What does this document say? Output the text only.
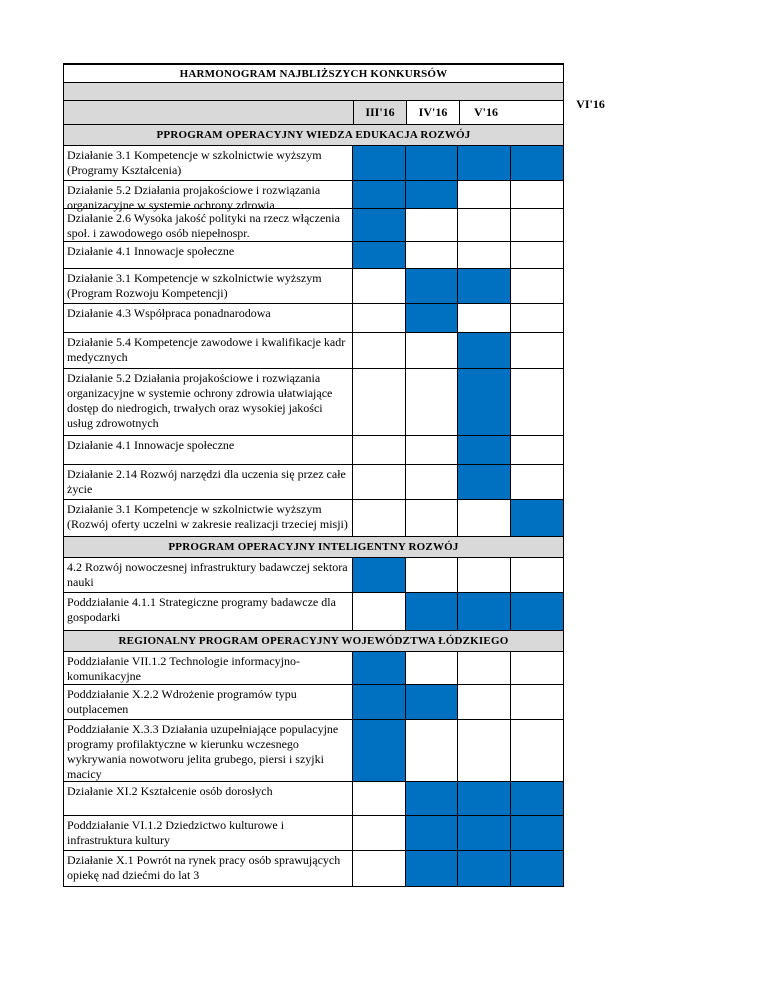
HARMONOGRAM NAJBLIŻSZYCH KONKURSÓW
III'16	IV'16	V'16
PPROGRAM OPERACYJNY WIEDZA EDUKACJA ROZWÓJ
Działanie 3.1 Kompetencje w szkolnictwie wyższym (Programy Kształcenia)
Działanie 5.2 Działania projakościowe i rozwiązania organizacyjne w systemie ochrony zdrowia
Działanie 2.6 Wysoka jakość polityki na rzecz włączenia społ. i zawodowego osób niepełnospr.
Działanie 4.1 Innowacje społeczne
Działanie 3.1 Kompetencje w szkolnictwie wyższym (Program Rozwoju Kompetencji)
Działanie 4.3 Współpraca ponadnarodowa
Działanie 5.4 Kompetencje zawodowe i kwalifikacje kadr medycznych
Działanie 5.2 Działania projakościowe i rozwiązania organizacyjne w systemie ochrony zdrowia ułatwiające dostęp do niedrogich, trwałych oraz wysokiej jakości usług zdrowotnych
Działanie 4.1 Innowacje społeczne
Działanie 2.14 Rozwój narzędzi dla uczenia się przez całe życie
Działanie 3.1 Kompetencje w szkolnictwie wyższym (Rozwój oferty uczelni w zakresie realizacji trzeciej misji)
PPROGRAM OPERACYJNY INTELIGENTNY ROZWÓJ
4.2 Rozwój nowoczesnej infrastruktury badawczej sektora nauki
Poddziałanie 4.1.1 Strategiczne programy badawcze dla gospodarki
REGIONALNY PROGRAM OPERACYJNY WOJEWÓDZTWA ŁÓDZKIEGO
Poddziałanie VII.1.2 Technologie informacyjno-komunikacyjne
Poddziałanie X.2.2 Wdrożenie programów typu outplacemen
Poddziałanie X.3.3 Działania uzupełniające populacyjne programy profilaktyczne w kierunku wczesnego wykrywania nowotworu jelita grubego, piersi i szyjki macicy
Działanie XI.2 Kształcenie osób dorosłych
Poddziałanie VI.1.2 Dziedzictwo kulturowe i infrastruktura kultury
Działanie X.1 Powrót na rynek pracy osób sprawujących opiekę nad dziećmi do lat 3
VI'16
